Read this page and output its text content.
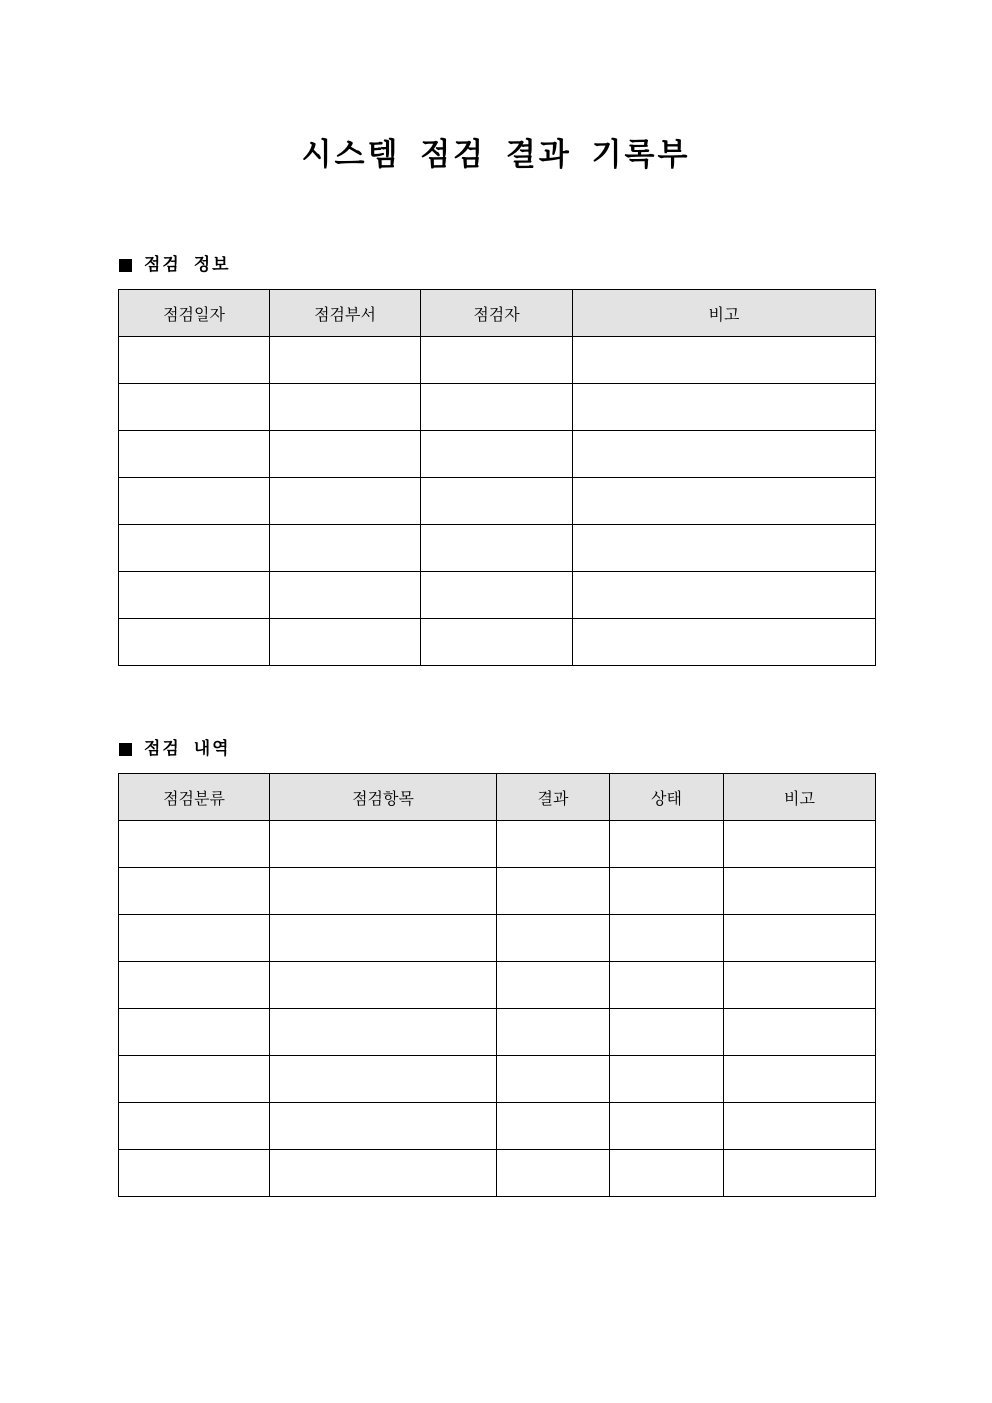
시스템 점검 결과 기록부
점검 정보
점검일자	점검부서	점검자	비고

점검 내역
점검분류	점검항목	결과	상태	비고
